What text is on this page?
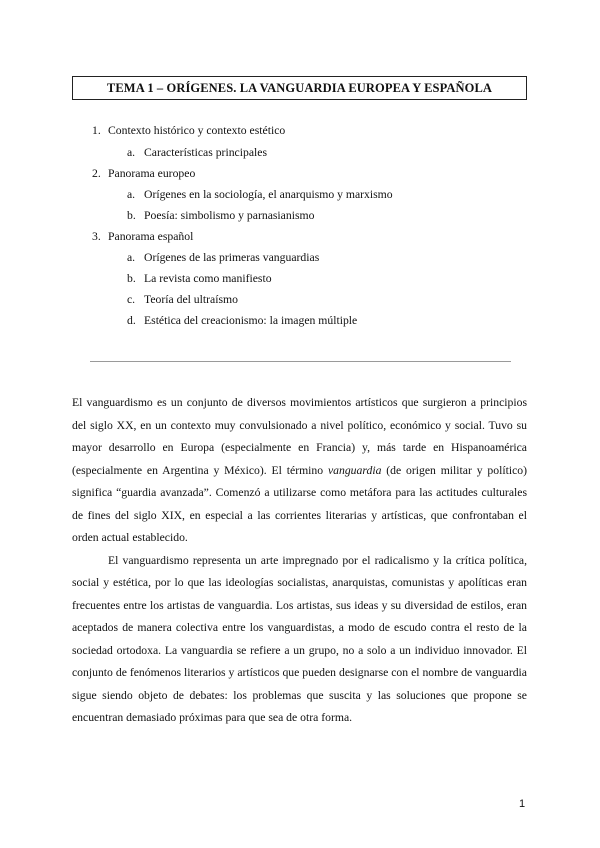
TEMA 1 – ORÍGENES. LA VANGUARDIA EUROPEA Y ESPAÑOLA
1. Contexto histórico y contexto estético
a. Características principales
2. Panorama europeo
a. Orígenes en la sociología, el anarquismo y marxismo
b. Poesía: simbolismo y parnasianismo
3. Panorama español
a. Orígenes de las primeras vanguardias
b. La revista como manifiesto
c. Teoría del ultraísmo
d. Estética del creacionismo: la imagen múltiple

El vanguardismo es un conjunto de diversos movimientos artísticos que surgieron a principios del siglo XX, en un contexto muy convulsionado a nivel político, económico y social. Tuvo su mayor desarrollo en Europa (especialmente en Francia) y, más tarde en Hispanoamérica (especialmente en Argentina y México). El término vanguardia (de origen militar y político) significa “guardia avanzada”. Comenzó a utilizarse como metáfora para las actitudes culturales de fines del siglo XIX, en especial a las corrientes literarias y artísticas, que confrontaban el orden actual establecido.

El vanguardismo representa un arte impregnado por el radicalismo y la crítica política, social y estética, por lo que las ideologías socialistas, anarquistas, comunistas y apolíticas eran frecuentes entre los artistas de vanguardia. Los artistas, sus ideas y su diversidad de estilos, eran aceptados de manera colectiva entre los vanguardistas, a modo de escudo contra el resto de la sociedad ortodoxa. La vanguardia se refiere a un grupo, no a solo a un individuo innovador. El conjunto de fenómenos literarios y artísticos que pueden designarse con el nombre de vanguardia sigue siendo objeto de debates: los problemas que suscita y las soluciones que propone se encuentran demasiado próximas para que sea de otra forma.

1
